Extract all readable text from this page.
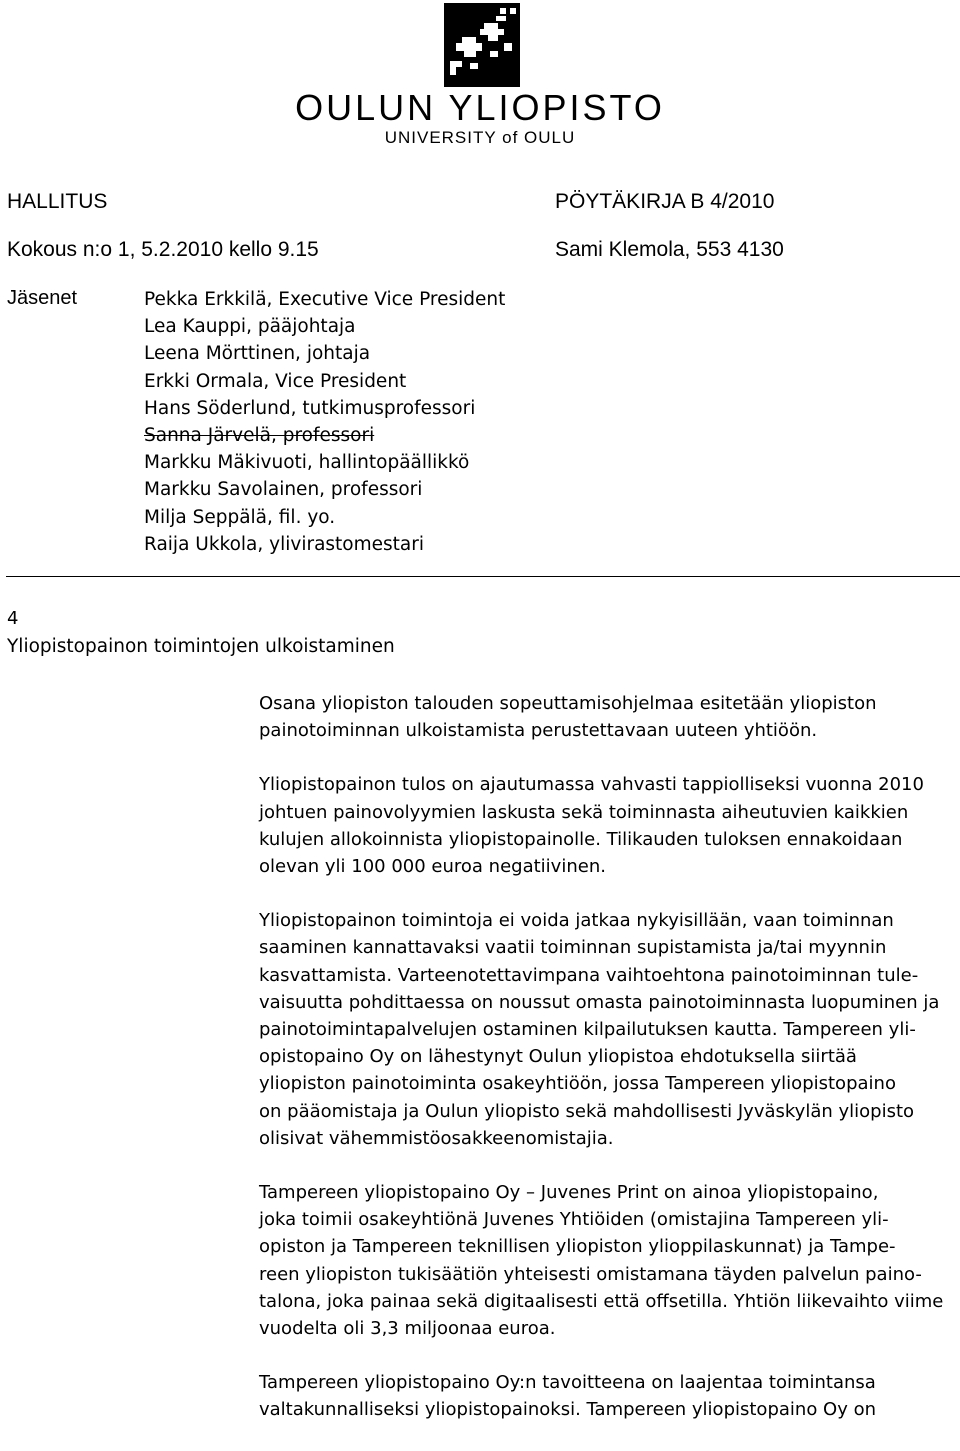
OULUN YLIOPISTO
UNIVERSITY of OULU
HALLITUS	PÖYTÄKIRJA B 4/2010
Kokous n:o 1, 5.2.2010 kello 9.15	Sami Klemola, 553 4130
Jäsenet	Pekka Erkkilä, Executive Vice President
Lea Kauppi, pääjohtaja
Leena Mörttinen, johtaja
Erkki Ormala, Vice President
Hans Söderlund, tutkimusprofessori
Sanna Järvelä, professori
Markku Mäkivuoti, hallintopäällikkö
Markku Savolainen, professori
Milja Seppälä, fil. yo.
Raija Ukkola, ylivirastomestari
4
Yliopistopainon toimintojen ulkoistaminen

Osana yliopiston talouden sopeuttamisohjelmaa esitetään yliopiston
painotoiminnan ulkoistamista perustettavaan uuteen yhtiöön.

Yliopistopainon tulos on ajautumassa vahvasti tappiolliseksi vuonna 2010
johtuen painovolyymien laskusta sekä toiminnasta aiheutuvien kaikkien
kulujen allokoinnista yliopistopainolle. Tilikauden tuloksen ennakoidaan
olevan yli 100 000 euroa negatiivinen.

Yliopistopainon toimintoja ei voida jatkaa nykyisillään, vaan toiminnan
saaminen kannattavaksi vaatii toiminnan supistamista ja/tai myynnin
kasvattamista. Varteenotettavimpana vaihtoehtona painotoiminnan tule-
vaisuutta pohdittaessa on noussut omasta painotoiminnasta luopuminen ja
painotoimintapalvelujen ostaminen kilpailutuksen kautta. Tampereen yli-
opistopaino Oy on lähestynyt Oulun yliopistoa ehdotuksella siirtää
yliopiston painotoiminta osakeyhtiöön, jossa Tampereen yliopistopaino
on pääomistaja ja Oulun yliopisto sekä mahdollisesti Jyväskylän yliopisto
olisivat vähemmistöosakkeenomistajia.

Tampereen yliopistopaino Oy – Juvenes Print on ainoa yliopistopaino,
joka toimii osakeyhtiönä Juvenes Yhtiöiden (omistajina Tampereen yli-
opiston ja Tampereen teknillisen yliopiston ylioppilaskunnat) ja Tampe-
reen yliopiston tukisäätiön yhteisesti omistamana täyden palvelun paino-
talona, joka painaa sekä digitaalisesti että offsetilla. Yhtiön liikevaihto viime
vuodelta oli 3,3 miljoonaa euroa.

Tampereen yliopistopaino Oy:n tavoitteena on laajentaa toimintansa
valtakunnalliseksi yliopistopainoksi. Tampereen yliopistopaino Oy on
